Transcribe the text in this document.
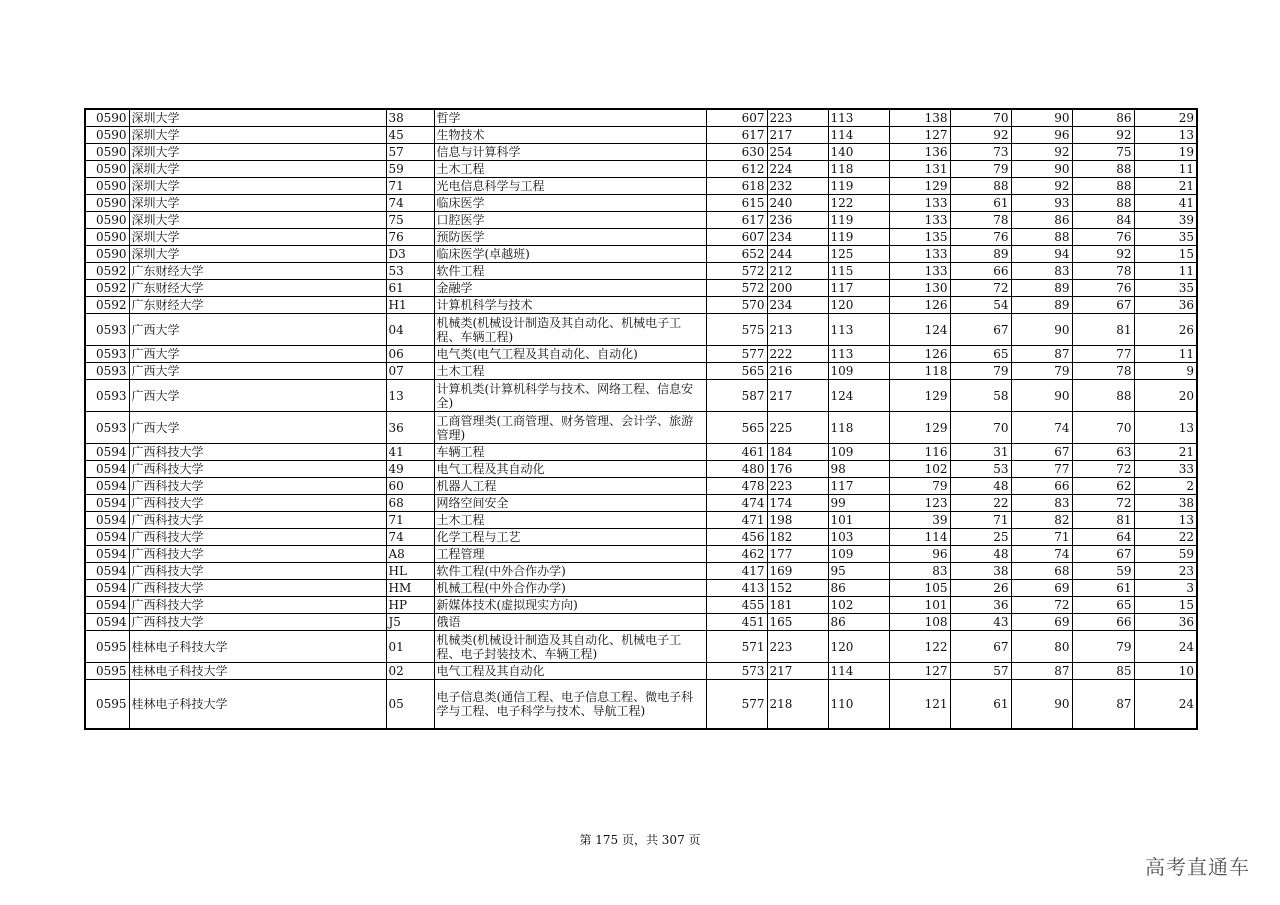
0590	深圳大学	38	哲学	607	223	113	138	70	90	86	29
0590	深圳大学	45	生物技术	617	217	114	127	92	96	92	13
0590	深圳大学	57	信息与计算科学	630	254	140	136	73	92	75	19
0590	深圳大学	59	土木工程	612	224	118	131	79	90	88	11
0590	深圳大学	71	光电信息科学与工程	618	232	119	129	88	92	88	21
0590	深圳大学	74	临床医学	615	240	122	133	61	93	88	41
0590	深圳大学	75	口腔医学	617	236	119	133	78	86	84	39
0590	深圳大学	76	预防医学	607	234	119	135	76	88	76	35
0590	深圳大学	D3	临床医学(卓越班)	652	244	125	133	89	94	92	15
0592	广东财经大学	53	软件工程	572	212	115	133	66	83	78	11
0592	广东财经大学	61	金融学	572	200	117	130	72	89	76	35
0592	广东财经大学	H1	计算机科学与技术	570	234	120	126	54	89	67	36
0593	广西大学	04	机械类(机械设计制造及其自动化、机械电子工程、车辆工程)	575	213	113	124	67	90	81	26
0593	广西大学	06	电气类(电气工程及其自动化、自动化)	577	222	113	126	65	87	77	11
0593	广西大学	07	土木工程	565	216	109	118	79	79	78	9
0593	广西大学	13	计算机类(计算机科学与技术、网络工程、信息安全)	587	217	124	129	58	90	88	20
0593	广西大学	36	工商管理类(工商管理、财务管理、会计学、旅游管理)	565	225	118	129	70	74	70	13
0594	广西科技大学	41	车辆工程	461	184	109	116	31	67	63	21
0594	广西科技大学	49	电气工程及其自动化	480	176	98	102	53	77	72	33
0594	广西科技大学	60	机器人工程	478	223	117	79	48	66	62	2
0594	广西科技大学	68	网络空间安全	474	174	99	123	22	83	72	38
0594	广西科技大学	71	土木工程	471	198	101	39	71	82	81	13
0594	广西科技大学	74	化学工程与工艺	456	182	103	114	25	71	64	22
0594	广西科技大学	A8	工程管理	462	177	109	96	48	74	67	59
0594	广西科技大学	HL	软件工程(中外合作办学)	417	169	95	83	38	68	59	23
0594	广西科技大学	HM	机械工程(中外合作办学)	413	152	86	105	26	69	61	3
0594	广西科技大学	HP	新媒体技术(虚拟现实方向)	455	181	102	101	36	72	65	15
0594	广西科技大学	J5	俄语	451	165	86	108	43	69	66	36
0595	桂林电子科技大学	01	机械类(机械设计制造及其自动化、机械电子工程、电子封装技术、车辆工程)	571	223	120	122	67	80	79	24
0595	桂林电子科技大学	02	电气工程及其自动化	573	217	114	127	57	87	85	10
0595	桂林电子科技大学	05	电子信息类(通信工程、电子信息工程、微电子科学与工程、电子科学与技术、导航工程)	577	218	110	121	61	90	87	24
第 175 页，共 307 页
高考直通车
